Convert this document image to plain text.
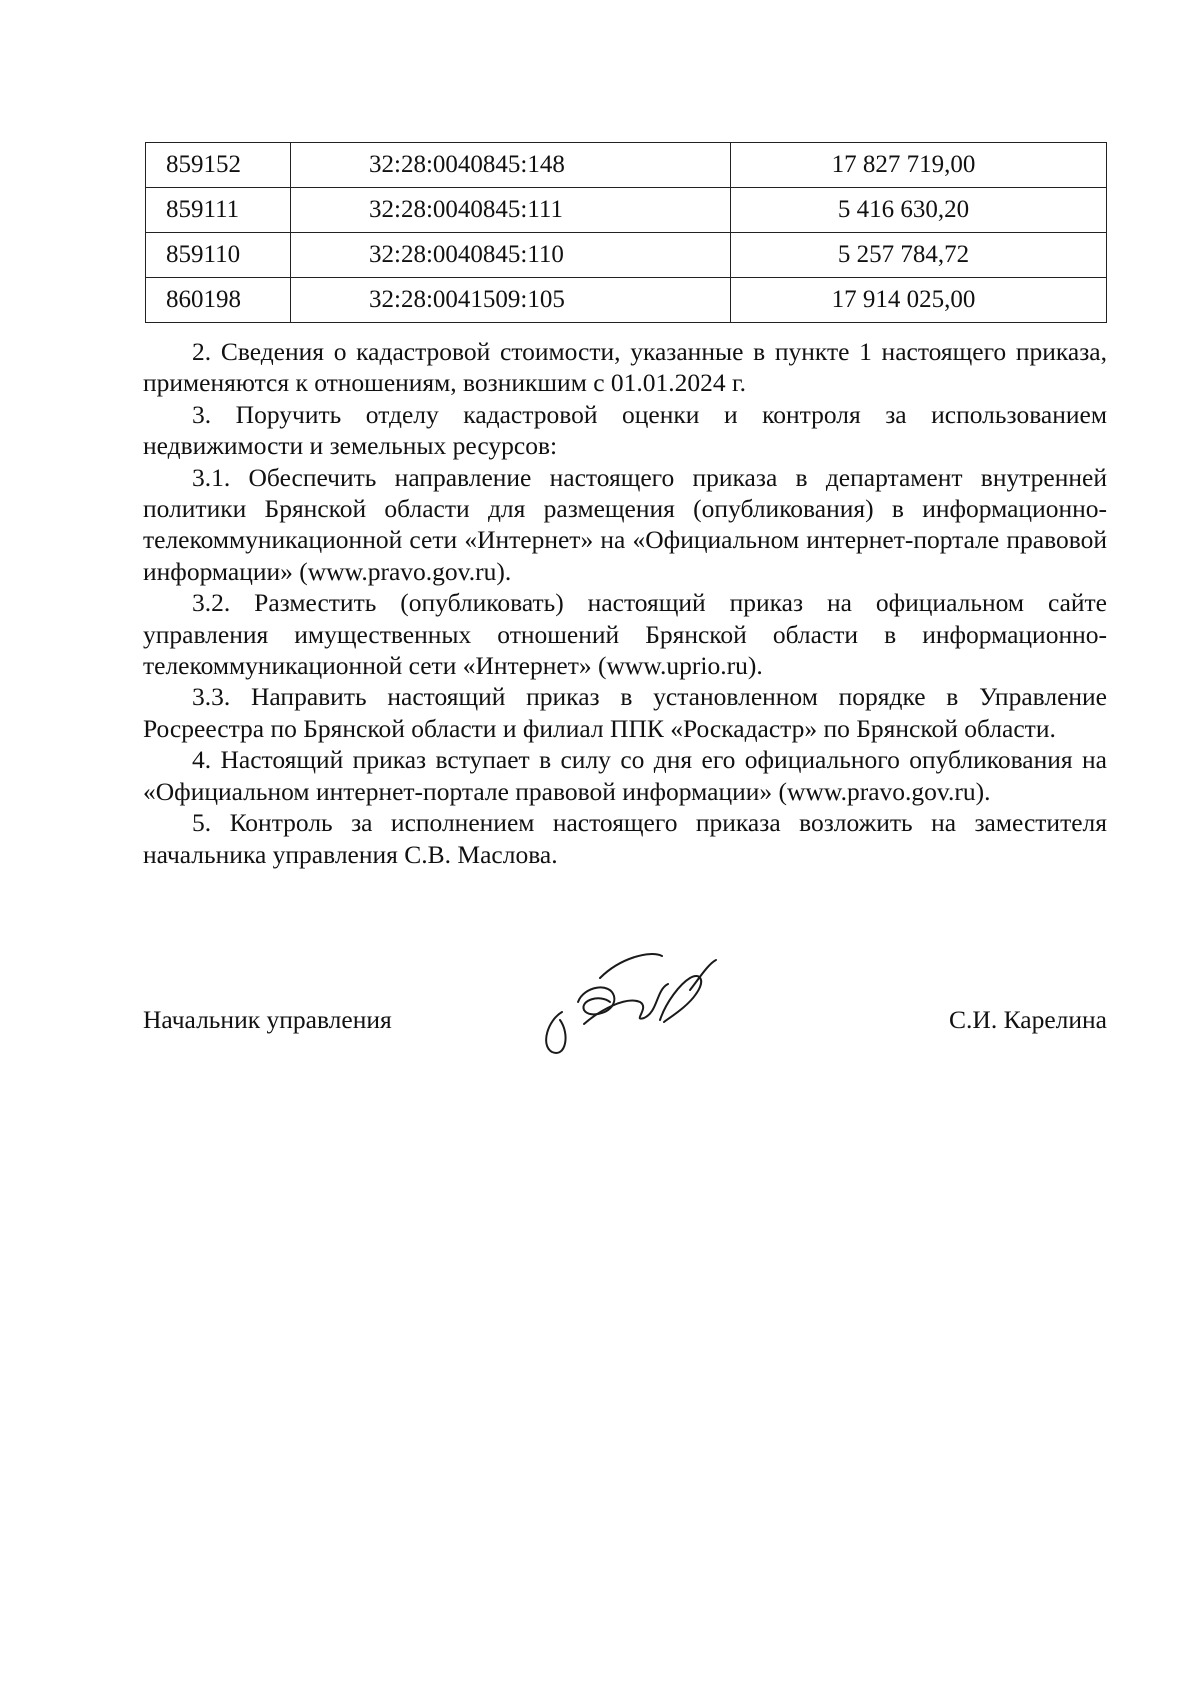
859152	32:28:0040845:148	17 827 719,00
859111	32:28:0040845:111	5 416 630,20
859110	32:28:0040845:110	5 257 784,72
860198	32:28:0041509:105	17 914 025,00

2. Сведения о кадастровой стоимости, указанные в пункте 1 настоящего приказа, применяются к отношениям, возникшим с 01.01.2024 г.

3. Поручить отделу кадастровой оценки и контроля за использованием недвижимости и земельных ресурсов:

3.1. Обеспечить направление настоящего приказа в департамент внутренней политики Брянской области для размещения (опубликования) в информационно-телекоммуникационной сети «Интернет» на «Официальном интернет-портале правовой информации» (www.pravo.gov.ru).

3.2. Разместить (опубликовать) настоящий приказ на официальном сайте управления имущественных отношений Брянской области в информационно-телекоммуникационной сети «Интернет» (www.uprio.ru).

3.3. Направить настоящий приказ в установленном порядке в Управление Росреестра по Брянской области и филиал ППК «Роскадастр» по Брянской области.

4. Настоящий приказ вступает в силу со дня его официального опубликования на «Официальном интернет-портале правовой информации» (www.pravo.gov.ru).

5. Контроль за исполнением настоящего приказа возложить на заместителя начальника управления С.В. Маслова.

Начальник управления	С.И. Карелина
